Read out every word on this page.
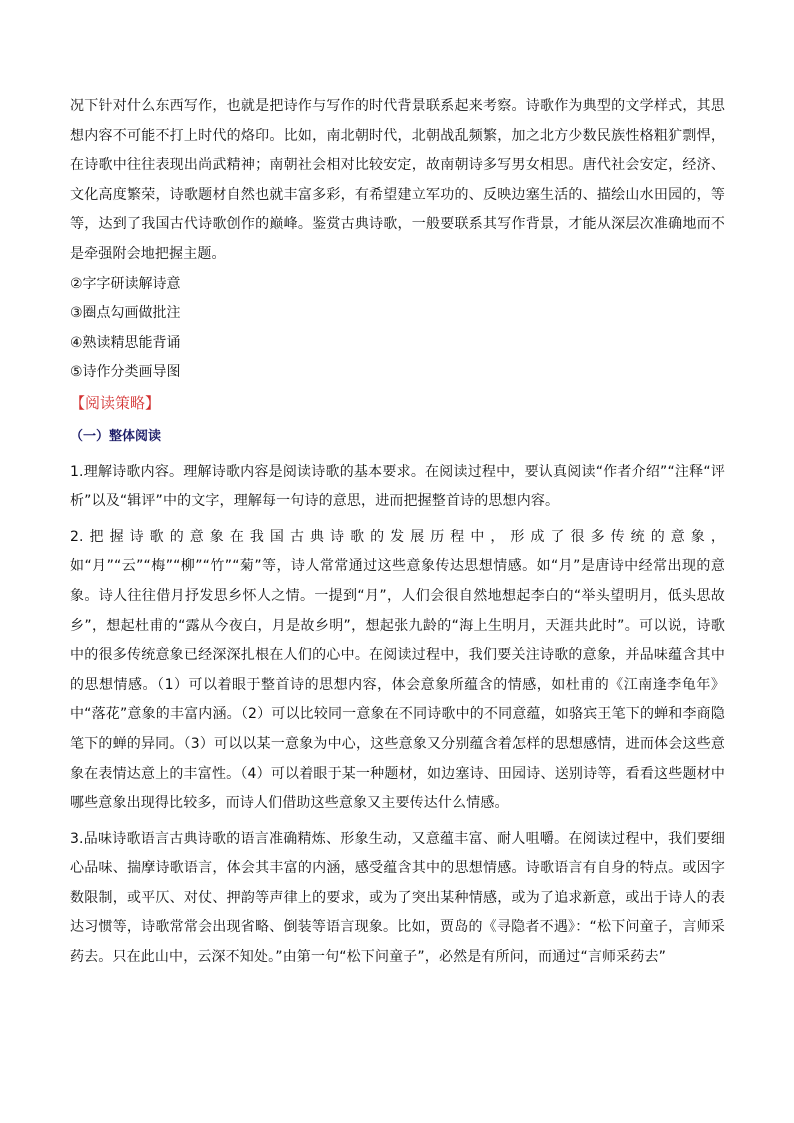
况下针对什么东西写作，也就是把诗作与写作的时代背景联系起来考察。诗歌作为典型的文学样式，其思想内容不可能不打上时代的烙印。比如，南北朝时代，北朝战乱频繁，加之北方少数民族性格粗犷剽悍，在诗歌中往往表现出尚武精神；南朝社会相对比较安定，故南朝诗多写男女相思。唐代社会安定，经济、文化高度繁荣，诗歌题材自然也就丰富多彩，有希望建立军功的、反映边塞生活的、描绘山水田园的，等等，达到了我国古代诗歌创作的巅峰。鉴赏古典诗歌，一般要联系其写作背景，才能从深层次准确地而不是牵强附会地把握主题。

②字字研读解诗意

③圈点勾画做批注

④熟读精思能背诵

⑤诗作分类画导图

【阅读策略】

（一）整体阅读

1.理解诗歌内容。理解诗歌内容是阅读诗歌的基本要求。在阅读过程中，要认真阅读“作者介绍”“注释“评析”以及“辑评”中的文字，理解每一句诗的意思，进而把握整首诗的思想内容。

2.把握诗歌的意象在我国古典诗歌的发展历程中，形成了很多传统的意象，如“月”“云”“梅”“柳”“竹”“菊”等，诗人常常通过这些意象传达思想情感。如“月”是唐诗中经常出现的意象。诗人往往借月抒发思乡怀人之情。一提到“月”，人们会很自然地想起李白的“举头望明月，低头思故乡”，想起杜甫的“露从今夜白，月是故乡明”，想起张九龄的“海上生明月，天涯共此时”。可以说，诗歌中的很多传统意象已经深深扎根在人们的心中。在阅读过程中，我们要关注诗歌的意象，并品味蕴含其中的思想情感。（1）可以着眼于整首诗的思想内容，体会意象所蕴含的情感，如杜甫的《江南逢李龟年》中“落花”意象的丰富内涵。（2）可以比较同一意象在不同诗歌中的不同意蕴，如骆宾王笔下的蝉和李商隐笔下的蝉的异同。（3）可以以某一意象为中心，这些意象又分别蕴含着怎样的思想感情，进而体会这些意象在表情达意上的丰富性。（4）可以着眼于某一种题材，如边塞诗、田园诗、送别诗等，看看这些题材中哪些意象出现得比较多，而诗人们借助这些意象又主要传达什么情感。

3.品味诗歌语言古典诗歌的语言准确精炼、形象生动，又意蕴丰富、耐人咀嚼。在阅读过程中，我们要细心品味、揣摩诗歌语言，体会其丰富的内涵，感受蕴含其中的思想情感。诗歌语言有自身的特点。或因字数限制，或平仄、对仗、押韵等声律上的要求，或为了突出某种情感，或为了追求新意，或出于诗人的表达习惯等，诗歌常常会出现省略、倒装等语言现象。比如，贾岛的《寻隐者不遇》：“松下问童子，言师采药去。只在此山中，云深不知处。”由第一句“松下问童子”，必然是有所问，而通过“言师采药去”
